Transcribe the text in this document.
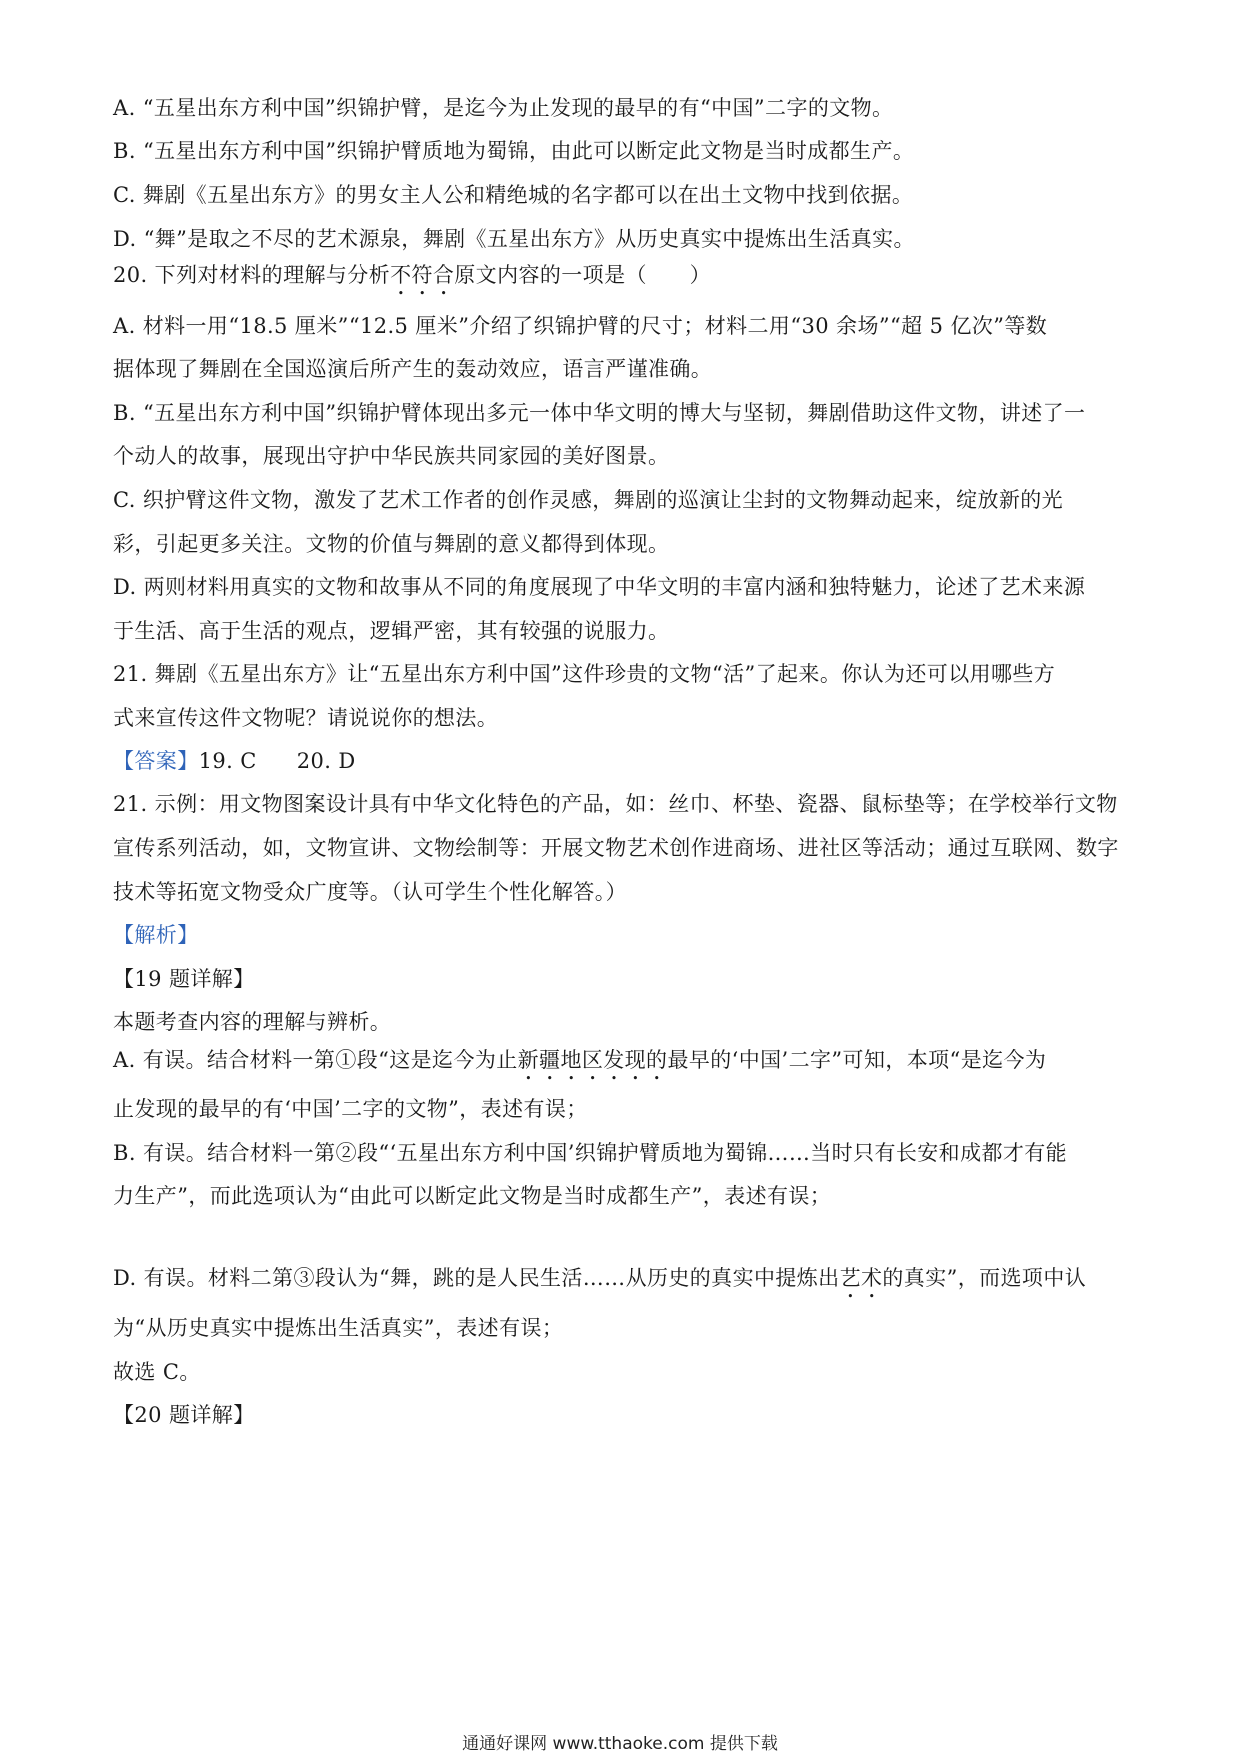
A. “五星出东方利中国”织锦护臂，是迄今为止发现的最早的有“中国”二字的文物。
B. “五星出东方利中国”织锦护臂质地为蜀锦，由此可以断定此文物是当时成都生产。
C. 舞剧《五星出东方》的男女主人公和精绝城的名字都可以在出土文物中找到依据。
D. “舞”是取之不尽的艺术源泉，舞剧《五星出东方》从历史真实中提炼出生活真实。
20. 下列对材料的理解与分析不符合原文内容的一项是（　　）
A. 材料一用“18.5 厘米”“12.5 厘米”介绍了织锦护臂的尺寸；材料二用“30 余场”“超 5 亿次”等数
据体现了舞剧在全国巡演后所产生的轰动效应，语言严谨准确。
B. “五星出东方利中国”织锦护臂体现出多元一体中华文明的博大与坚韧，舞剧借助这件文物，讲述了一
个动人的故事，展现出守护中华民族共同家园的美好图景。
C. 织护臂这件文物，激发了艺术工作者的创作灵感，舞剧的巡演让尘封的文物舞动起来，绽放新的光
彩，引起更多关注。文物的价值与舞剧的意义都得到体现。
D. 两则材料用真实的文物和故事从不同的角度展现了中华文明的丰富内涵和独特魅力，论述了艺术来源
于生活、高于生活的观点，逻辑严密，其有较强的说服力。
21. 舞剧《五星出东方》让“五星出东方利中国”这件珍贵的文物“活”了起来。你认为还可以用哪些方
式来宣传这件文物呢？请说说你的想法。
【答案】19. C 20. D
21. 示例：用文物图案设计具有中华文化特色的产品，如：丝巾、杯垫、瓷器、鼠标垫等；在学校举行文物
宣传系列活动，如，文物宣讲、文物绘制等：开展文物艺术创作进商场、进社区等活动；通过互联网、数字
技术等拓宽文物受众广度等。（认可学生个性化解答。）
【解析】
【19 题详解】
本题考查内容的理解与辨析。
A. 有误。结合材料一第①段“这是迄今为止新疆地区发现的最早的‘中国’二字”可知，本项“是迄今为
止发现的最早的有‘中国’二字的文物”，表述有误；
B. 有误。结合材料一第②段“‘五星出东方利中国’织锦护臂质地为蜀锦……当时只有长安和成都才有能
力生产”，而此选项认为“由此可以断定此文物是当时成都生产”，表述有误；
D. 有误。材料二第③段认为“舞，跳的是人民生活……从历史的真实中提炼出艺术的真实”，而选项中认
为“从历史真实中提炼出生活真实”，表述有误；
故选 C。
【20 题详解】
通通好课网 www.tthaoke.com 提供下载
